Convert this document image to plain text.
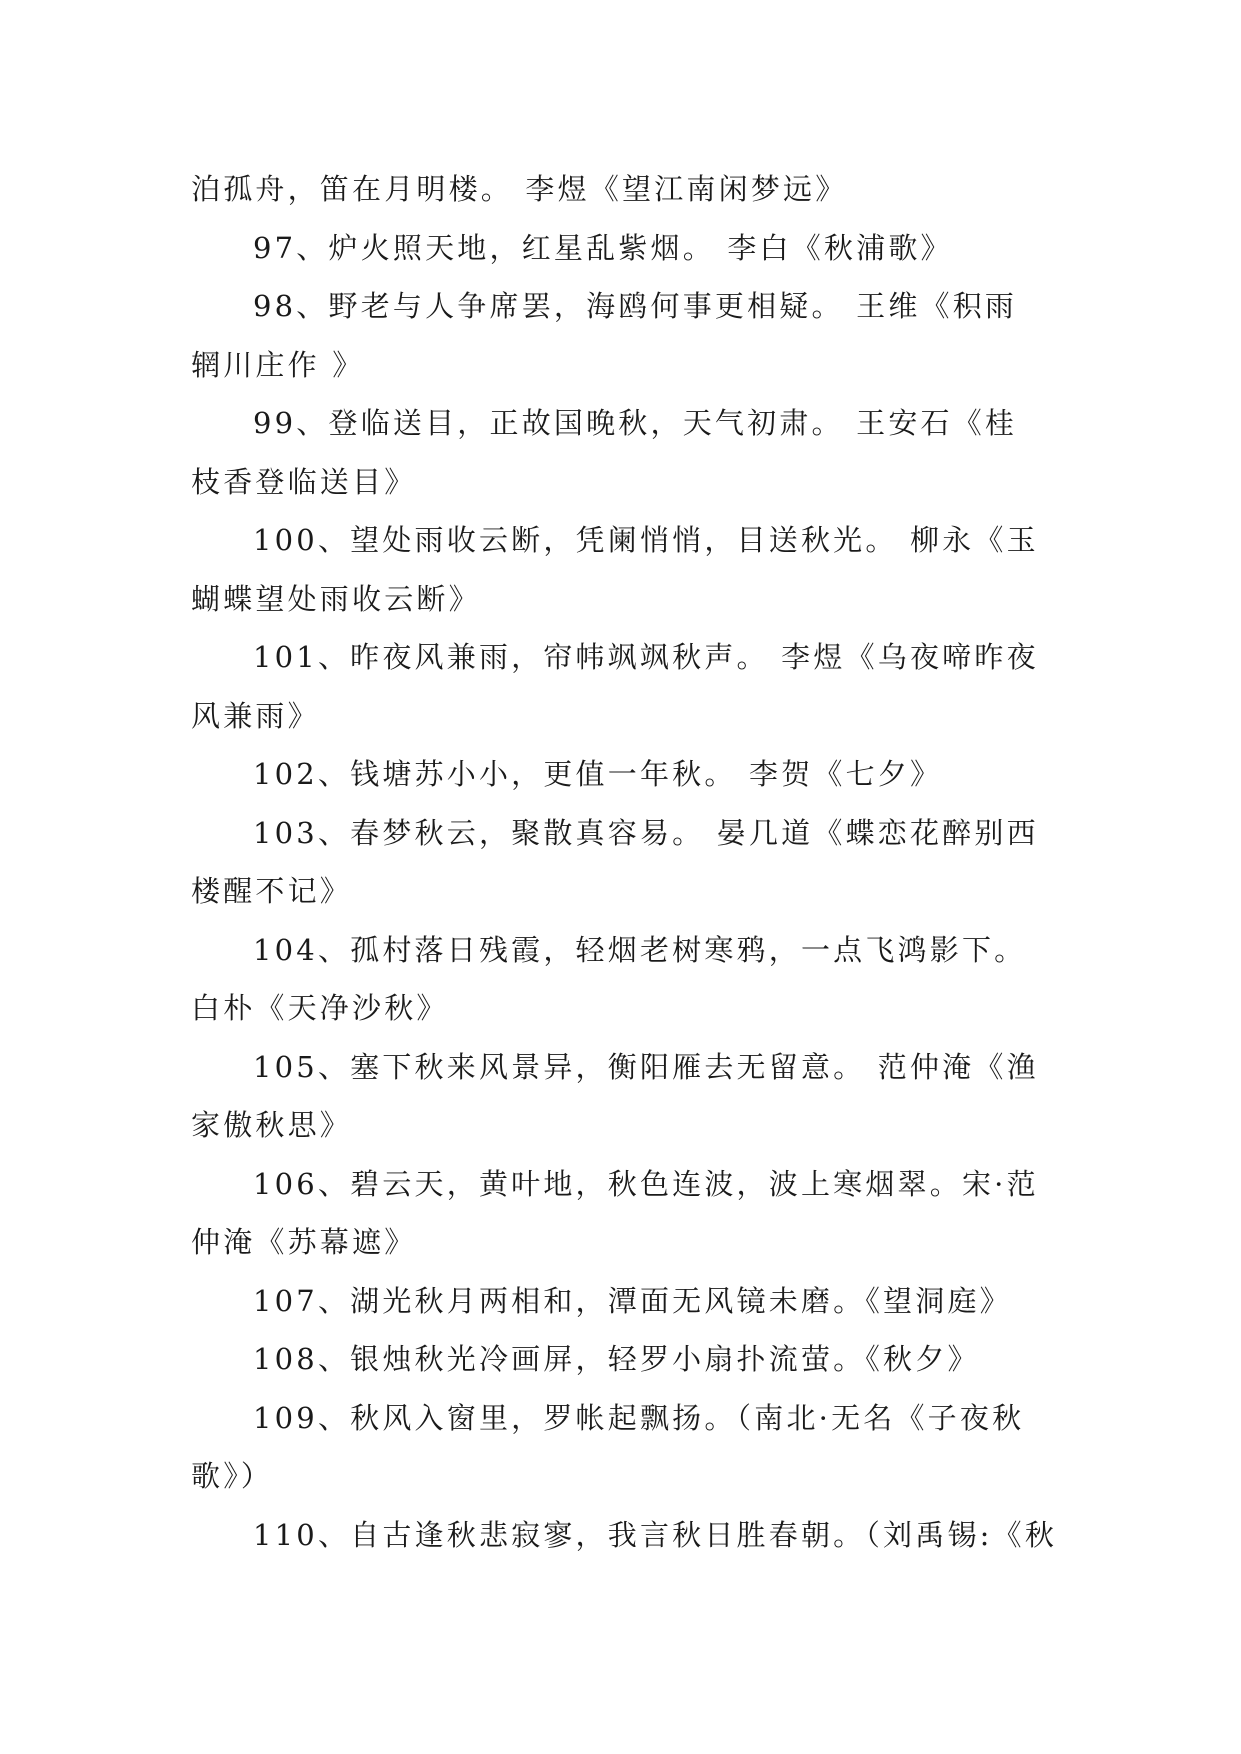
泊孤舟，笛在月明楼。 李煜《望江南闲梦远》
97、炉火照天地，红星乱紫烟。 李白《秋浦歌》
98、野老与人争席罢，海鸥何事更相疑。 王维《积雨
辋川庄作 》
99、登临送目，正故国晚秋，天气初肃。 王安石《桂
枝香登临送目》
100、望处雨收云断，凭阑悄悄，目送秋光。 柳永《玉
蝴蝶望处雨收云断》
101、昨夜风兼雨，帘帏飒飒秋声。 李煜《乌夜啼昨夜
风兼雨》
102、钱塘苏小小，更值一年秋。 李贺《七夕》
103、春梦秋云，聚散真容易。 晏几道《蝶恋花醉别西
楼醒不记》
104、孤村落日残霞，轻烟老树寒鸦，一点飞鸿影下。
白朴《天净沙秋》
105、塞下秋来风景异，衡阳雁去无留意。 范仲淹《渔
家傲秋思》
106、碧云天，黄叶地，秋色连波，波上寒烟翠。宋·范
仲淹《苏幕遮》
107、湖光秋月两相和，潭面无风镜未磨。《望洞庭》
108、银烛秋光冷画屏，轻罗小扇扑流萤。《秋夕》
109、秋风入窗里，罗帐起飘扬。（南北·无名《子夜秋
歌》）
110、自古逢秋悲寂寥，我言秋日胜春朝。（刘禹锡:《秋
